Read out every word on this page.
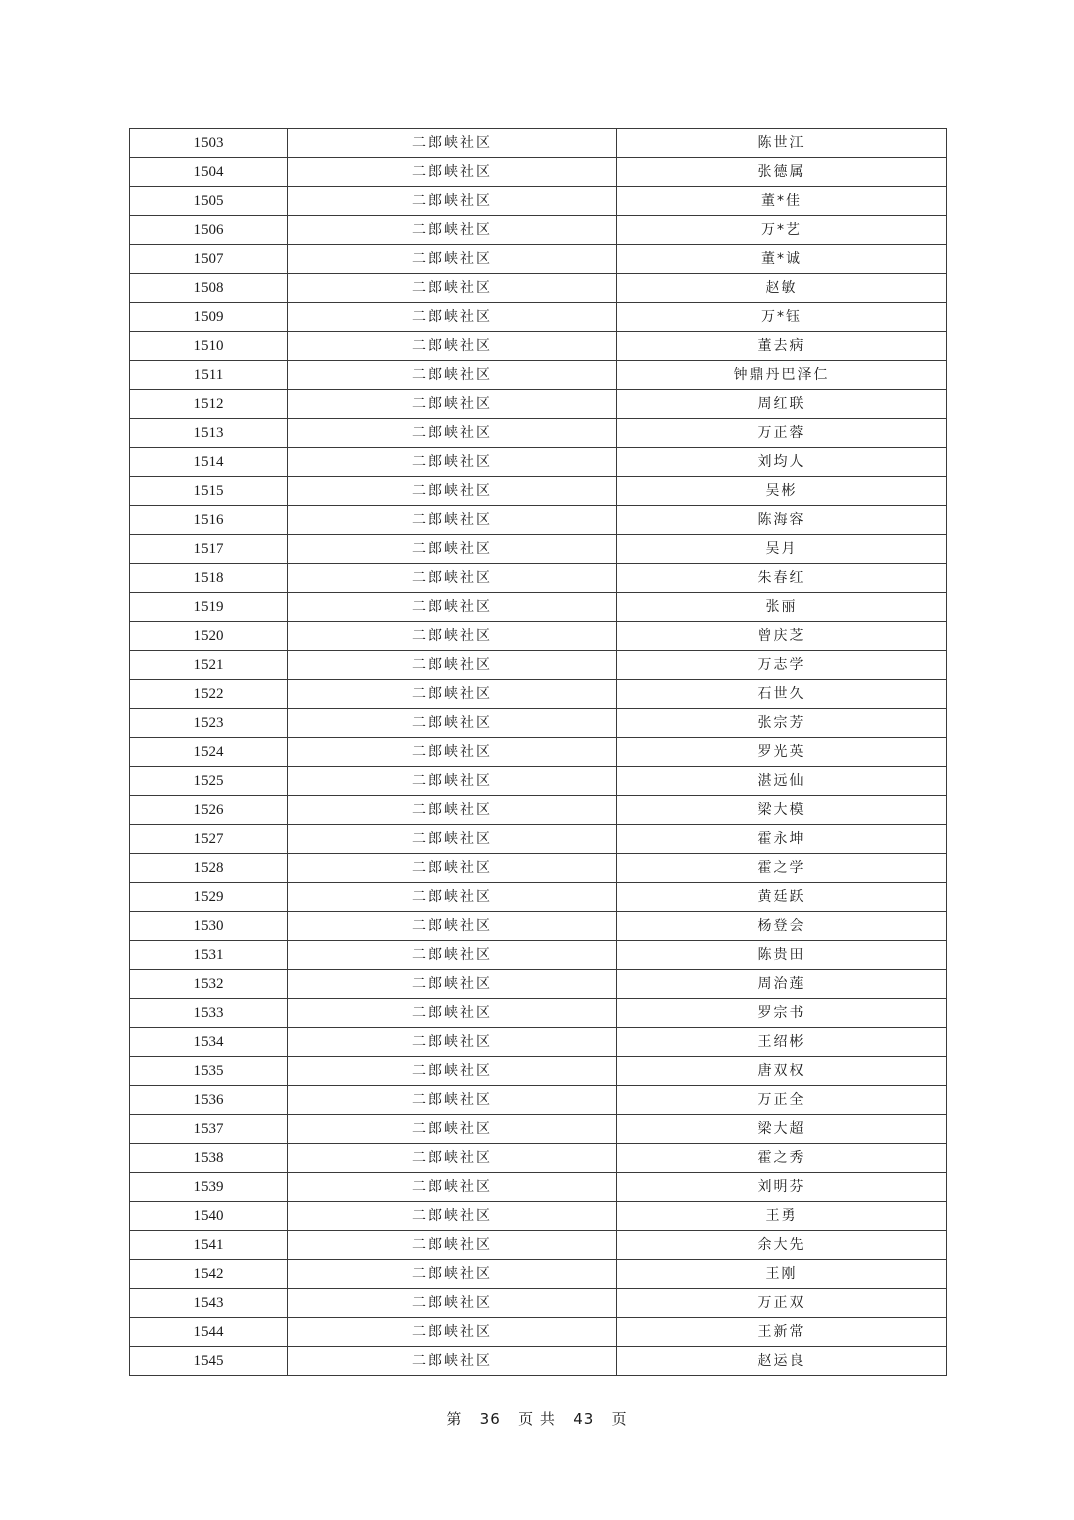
1503	二郎峡社区	陈世江
1504	二郎峡社区	张德属
1505	二郎峡社区	董*佳
1506	二郎峡社区	万*艺
1507	二郎峡社区	董*诚
1508	二郎峡社区	赵敏
1509	二郎峡社区	万*钰
1510	二郎峡社区	董去病
1511	二郎峡社区	钟鼎丹巴泽仁
1512	二郎峡社区	周红联
1513	二郎峡社区	万正蓉
1514	二郎峡社区	刘均人
1515	二郎峡社区	吴彬
1516	二郎峡社区	陈海容
1517	二郎峡社区	吴月
1518	二郎峡社区	朱春红
1519	二郎峡社区	张丽
1520	二郎峡社区	曾庆芝
1521	二郎峡社区	万志学
1522	二郎峡社区	石世久
1523	二郎峡社区	张宗芳
1524	二郎峡社区	罗光英
1525	二郎峡社区	湛远仙
1526	二郎峡社区	梁大模
1527	二郎峡社区	霍永坤
1528	二郎峡社区	霍之学
1529	二郎峡社区	黄廷跃
1530	二郎峡社区	杨登会
1531	二郎峡社区	陈贵田
1532	二郎峡社区	周治莲
1533	二郎峡社区	罗宗书
1534	二郎峡社区	王绍彬
1535	二郎峡社区	唐双权
1536	二郎峡社区	万正全
1537	二郎峡社区	梁大超
1538	二郎峡社区	霍之秀
1539	二郎峡社区	刘明芬
1540	二郎峡社区	王勇
1541	二郎峡社区	余大先
1542	二郎峡社区	王刚
1543	二郎峡社区	万正双
1544	二郎峡社区	王新常
1545	二郎峡社区	赵运良
第 36 页 共 43 页
